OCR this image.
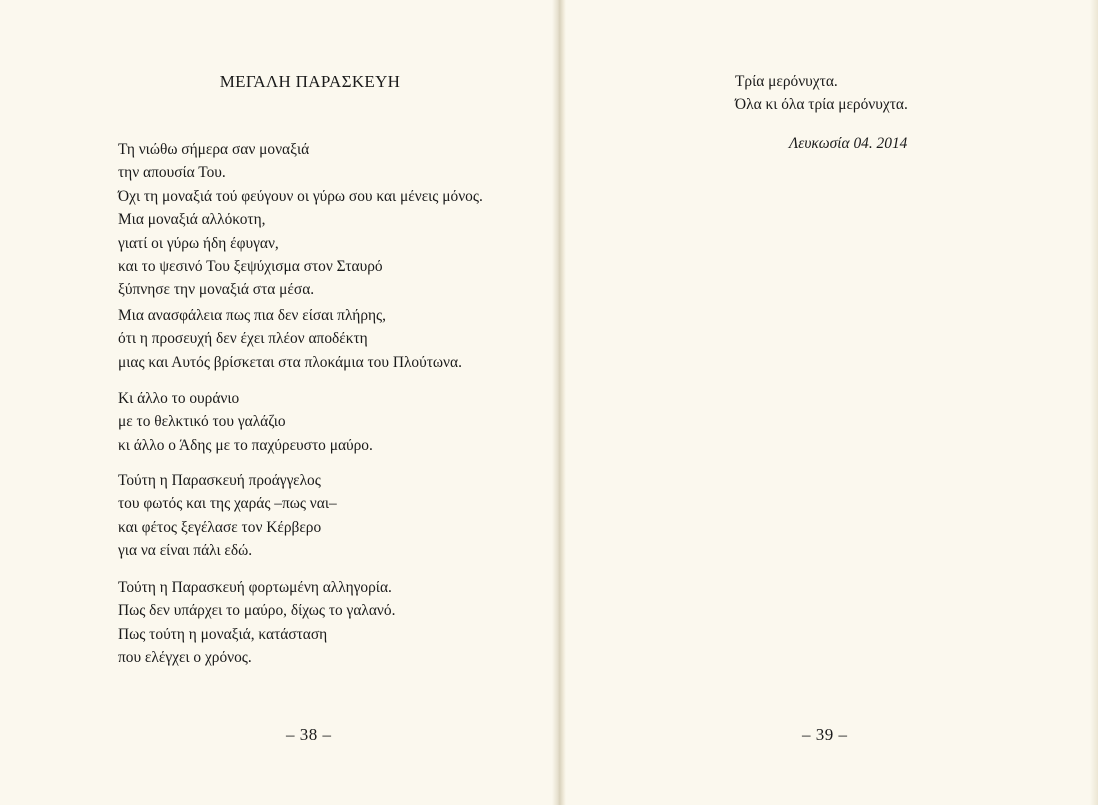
ΜΕΓΑΛΗ ΠΑΡΑΣΚΕΥΗ
Τη νιώθω σήμερα σαν μοναξιά
την απουσία Του.
Όχι τη μοναξιά τού φεύγουν οι γύρω σου και μένεις μόνος.
Μια μοναξιά αλλόκοτη,
γιατί οι γύρω ήδη έφυγαν,
και το ψεσινό Του ξεψύχισμα στον Σταυρό
ξύπνησε την μοναξιά στα μέσα.
Μια ανασφάλεια πως πια δεν είσαι πλήρης,
ότι η προσευχή δεν έχει πλέον αποδέκτη
μιας και Αυτός βρίσκεται στα πλοκάμια του Πλούτωνα.
Κι άλλο το ουράνιο
με το θελκτικό του γαλάζιο
κι άλλο ο Άδης με το παχύρευστο μαύρο.
Τούτη η Παρασκευή προάγγελος
του φωτός και της χαράς –πως ναι–
και φέτος ξεγέλασε τον Κέρβερο
για να είναι πάλι εδώ.
Τούτη η Παρασκευή φορτωμένη αλληγορία.
Πως δεν υπάρχει το μαύρο, δίχως το γαλανό.
Πως τούτη η μοναξιά, κατάσταση
που ελέγχει ο χρόνος.
– 38 –
Τρία μερόνυχτα.
Όλα κι όλα τρία μερόνυχτα.
Λευκωσία 04. 2014
– 39 –
